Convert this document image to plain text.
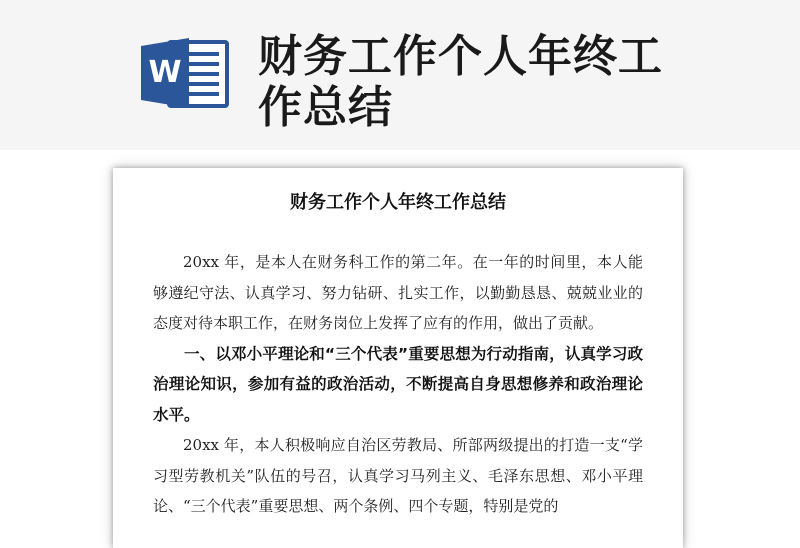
W 财务工作个人年终工作总结
财务工作个人年终工作总结

20xx 年，是本人在财务科工作的第二年。在一年的时间里，本人能够遵纪守法、认真学习、努力钻研、扎实工作，以勤勤恳恳、兢兢业业的态度对待本职工作，在财务岗位上发挥了应有的作用，做出了贡献。

一、以邓小平理论和“三个代表”重要思想为行动指南，认真学习政治理论知识，参加有益的政治活动，不断提高自身思想修养和政治理论水平。

20xx 年，本人积极响应自治区劳教局、所部两级提出的打造一支“学习型劳教机关”队伍的号召，认真学习马列主义、毛泽东思想、邓小平理论、“三个代表”重要思想、两个条例、四个专题，特别是党的
